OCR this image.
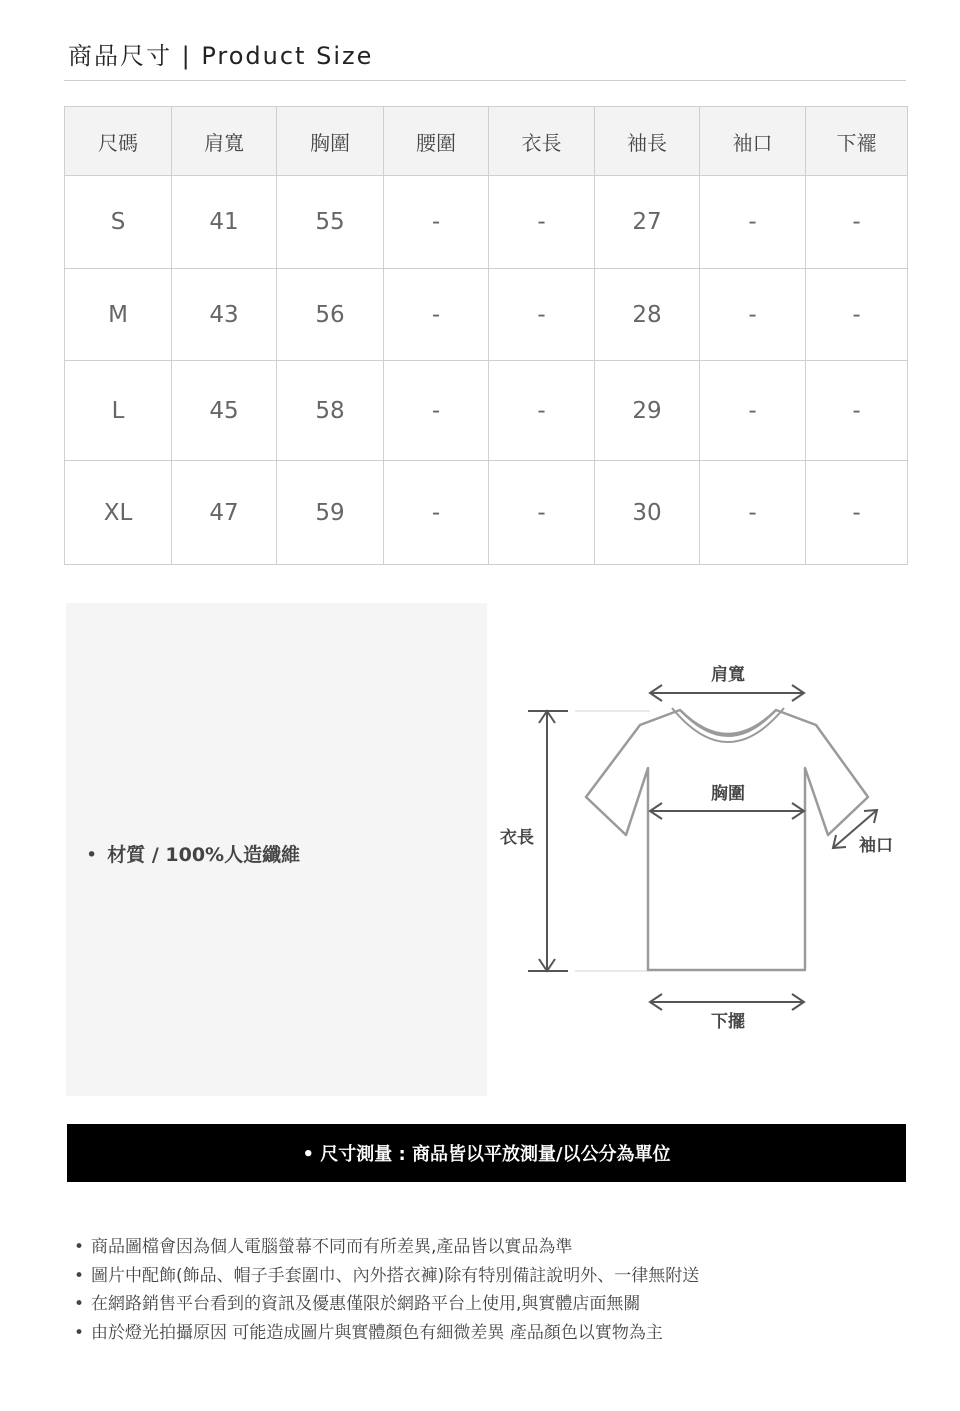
商品尺寸 | Product Size
尺碼	肩寬	胸圍	腰圍	衣長	袖長	袖口	下襬
S	41	55	-	-	27	-	-
M	43	56	-	-	28	-	-
L	45	58	-	-	29	-	-
XL	47	59	-	-	30	-	-
• 材質 / 100%人造纖維
肩寬
胸圍
衣長	袖口
下擺
• 尺寸測量 : 商品皆以平放測量/以公分為單位
• 商品圖檔會因為個人電腦螢幕不同而有所差異,產品皆以實品為準
• 圖片中配飾(飾品、帽子手套圍巾、內外搭衣褲)除有特別備註說明外、一律無附送
• 在網路銷售平台看到的資訊及優惠僅限於網路平台上使用,與實體店面無關
• 由於燈光拍攝原因 可能造成圖片與實體顏色有細微差異 產品顏色以實物為主
